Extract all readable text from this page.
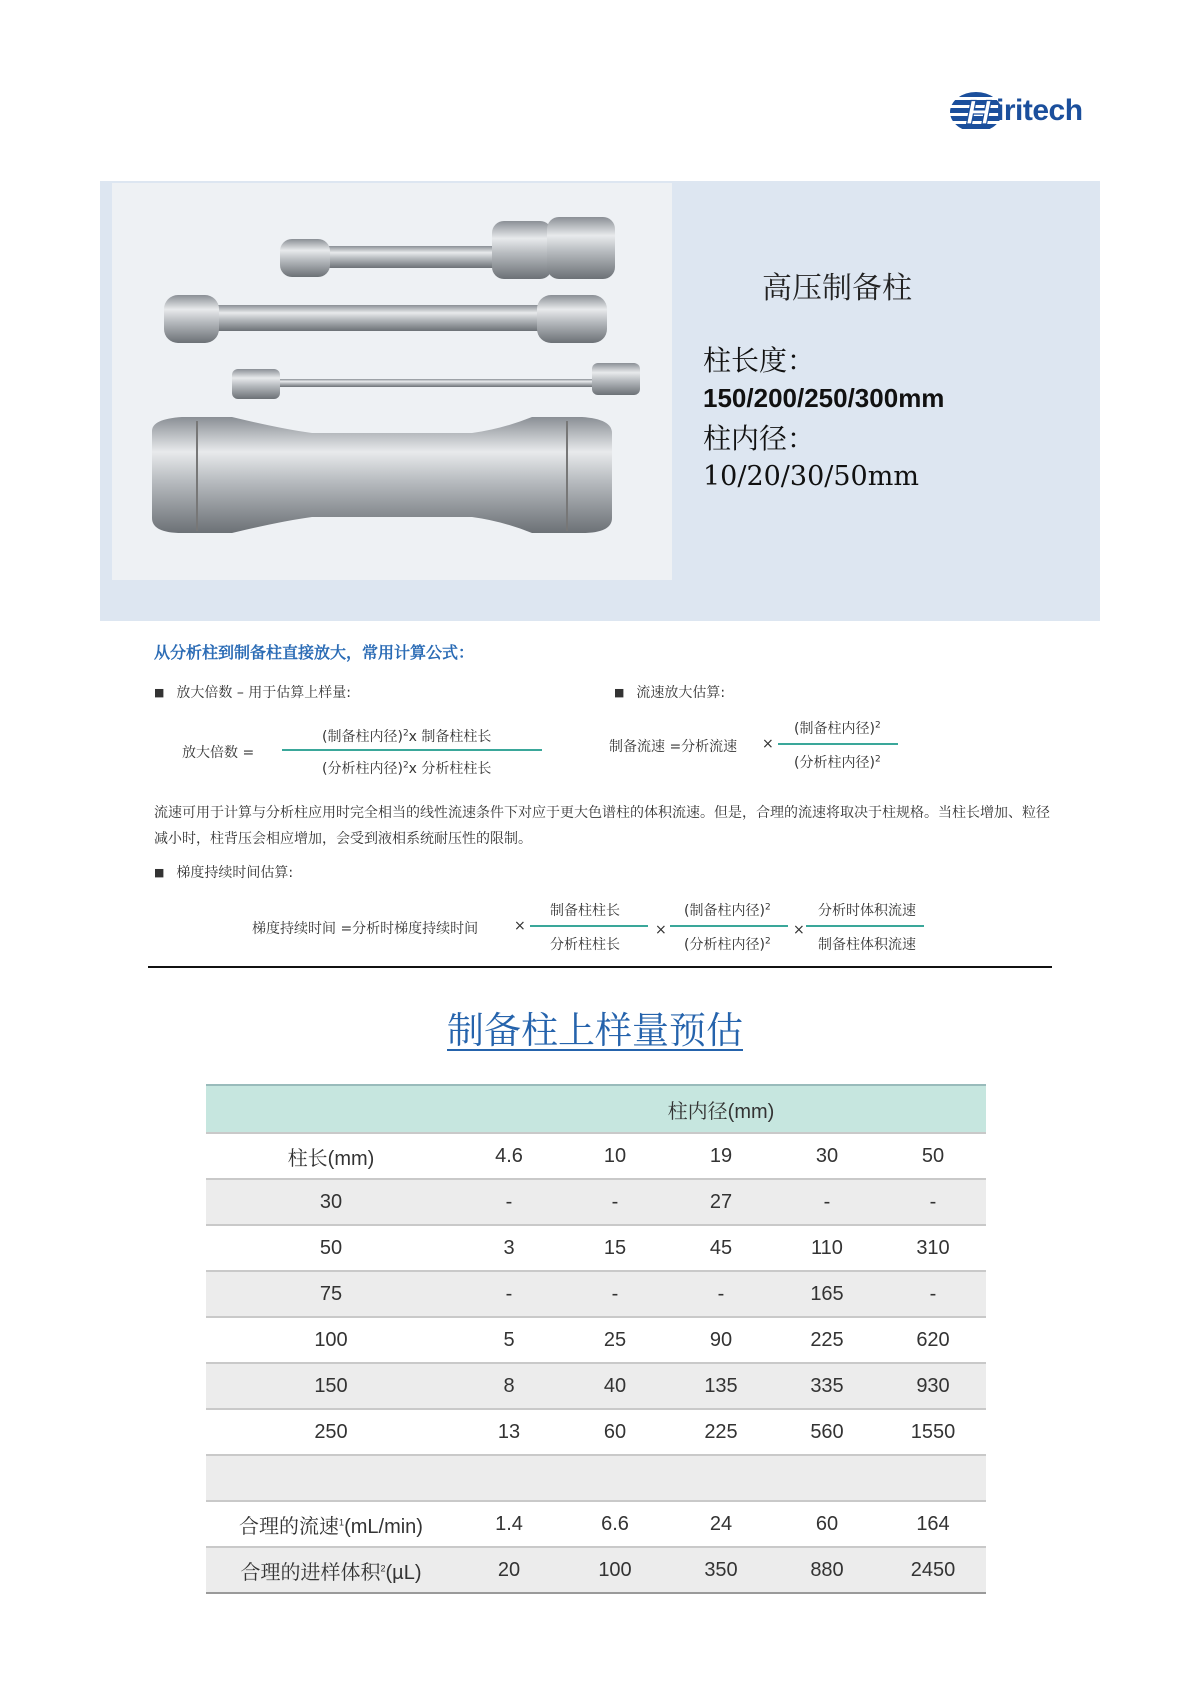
H iritech
高压制备柱
柱长度：
150/200/250/300mm
柱内径：
10/20/30/50mm
从分析柱到制备柱直接放大，常用计算公式：
■ 放大倍数 – 用于估算上样量:
放大倍数 =
(制备柱内径)$^2$x 制备柱柱长
(分析柱内径)$^2$x 分析柱柱长
■ 流速放大估算:
制备流速 =分析流速 ×
(制备柱内径)$^2$
(分析柱内径)$^2$
流速可用于计算与分析柱应用时完全相当的线性流速条件下对应于更大色谱柱的体积流速。但是，合理的流速将取决于柱规格。当柱长增加、粒径减小时，柱背压会相应增加，会受到液相系统耐压性的限制。
■ 梯度持续时间估算:
梯度持续时间 =分析时梯度持续时间	×
制备柱柱长
分析柱柱长
×
(制备柱内径)$^2$
(分析柱内径)$^2$
×
分析时体积流速
制备柱体积流速
制备柱上样量预估
	柱内径(mm)				
柱长(mm)	4.6	10	19	30	50
30	-	-	27	-	-
50	3	15	45	110	310
75	-	-	-	165	-
100	5	25	90	225	620
150	8	40	135	335	930
250	13	60	225	560	1550

合理的流速$^1$(mL/min)	1.4	6.6	24	60	164
合理的进样体积$^2$(µL)	20	100	350	880	2450
